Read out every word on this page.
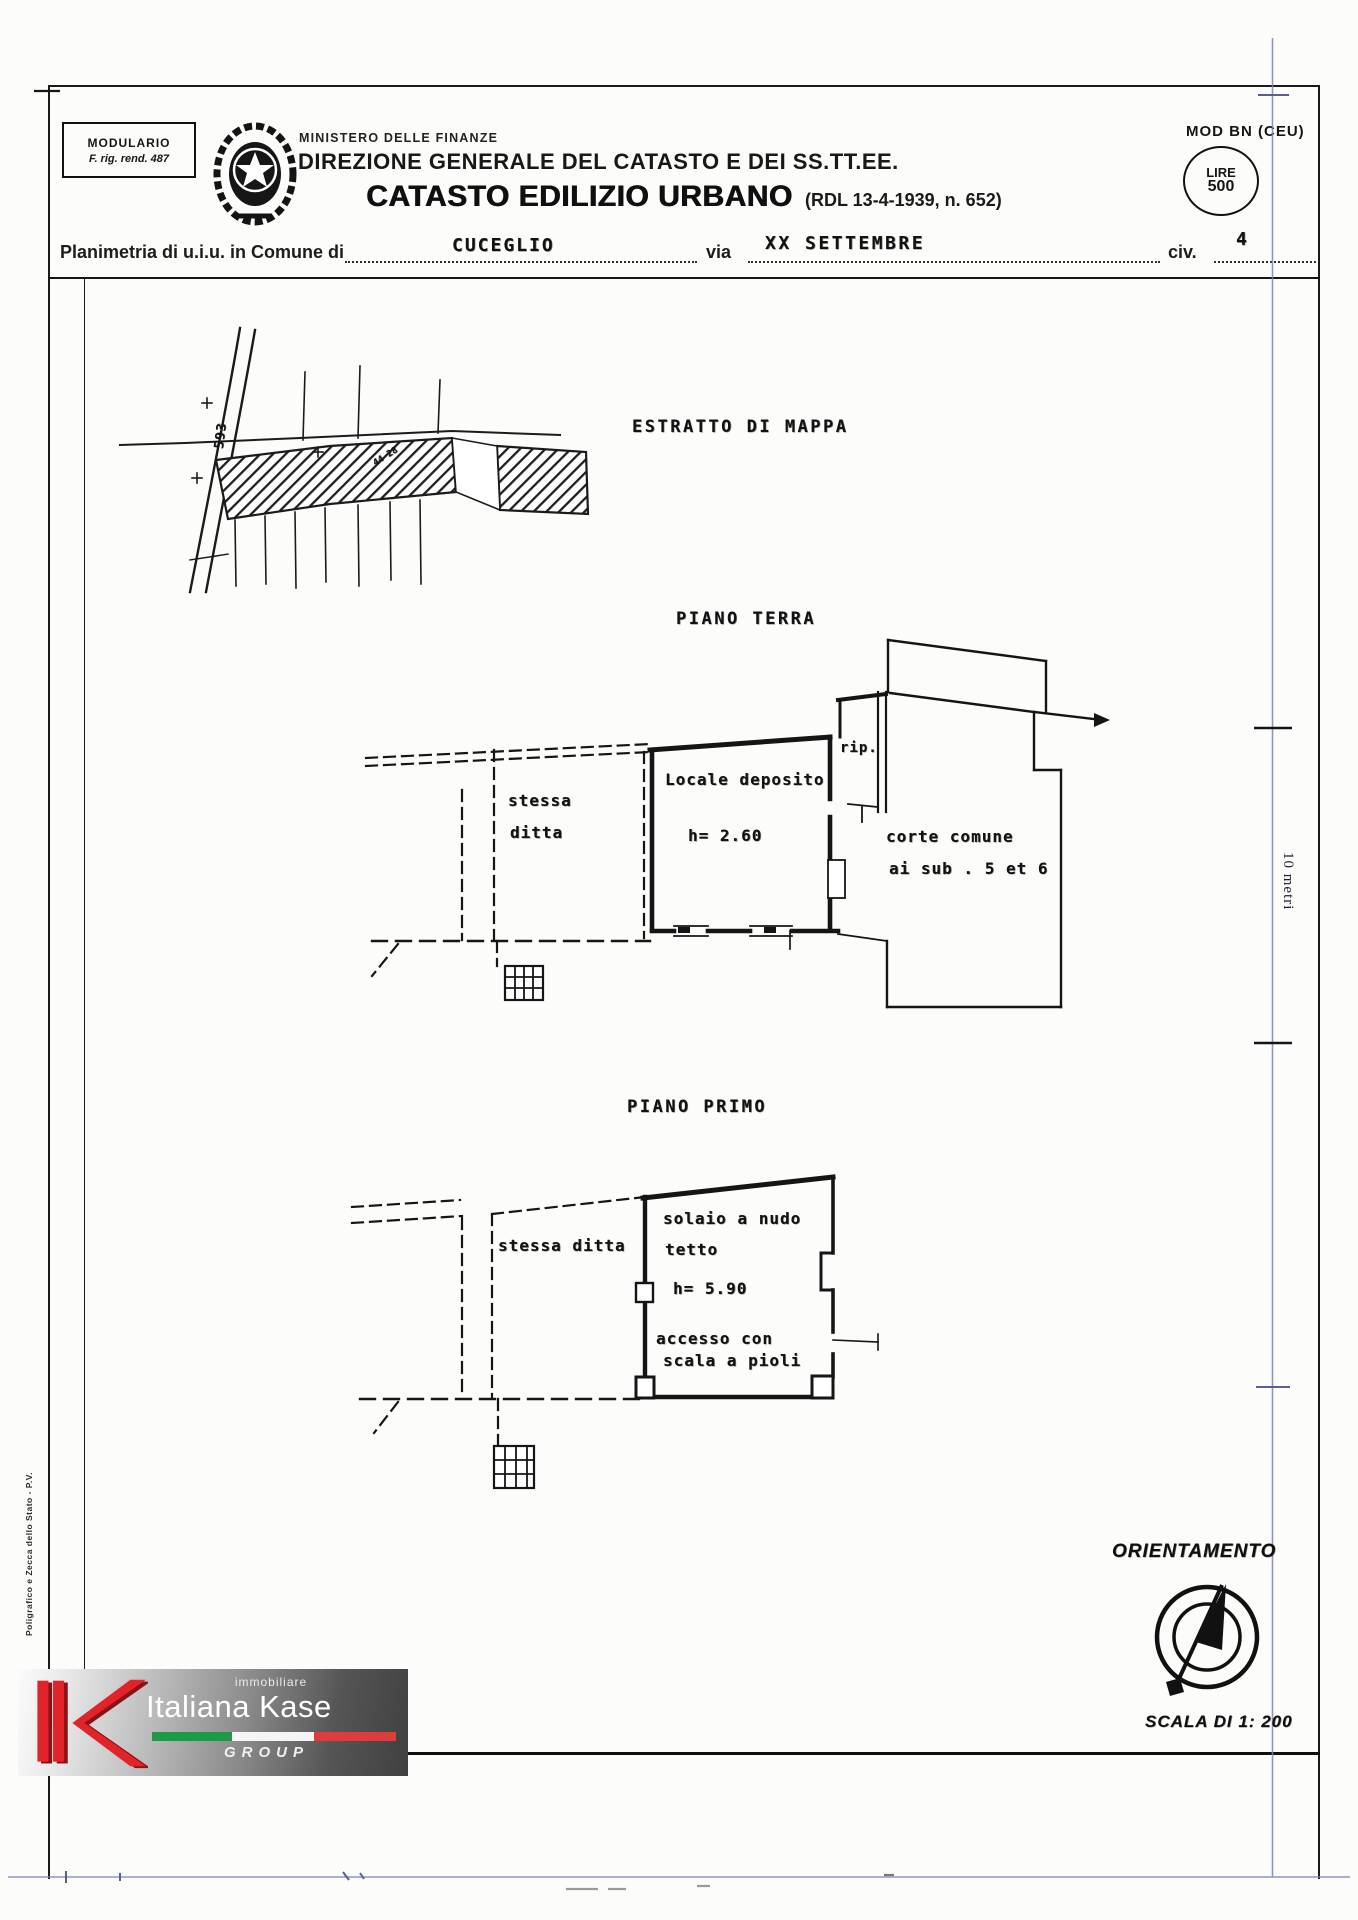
MODULARIO
F. rig. rend. 487
MINISTERO DELLE FINANZE
DIREZIONE GENERALE DEL CATASTO E DEI SS.TT.EE.
CATASTO EDILIZIO URBANO (RDL 13-4-1939, n. 652)
MOD BN (CEU)
LIRE
500
Planimetria di u.i.u. in Comune di	CUCEGLIO	via XX SETTEMBRE	civ.
4
ESTRATTO DI MAPPA
PIANO TERRA
PIANO PRIMO
ORIENTAMENTO
SCALA DI 1: 200
593
44 28
stessa
ditta
Locale deposito
h= 2.60
rip.
corte comune
ai sub . 5 et 6
stessa ditta
solaio a nudo
tetto
h= 5.90
accesso con
scala a pioli
10 metri
Poligrafico e Zecca dello Stato - P.V.
immobiliare
Italiana Kase
GROUP
